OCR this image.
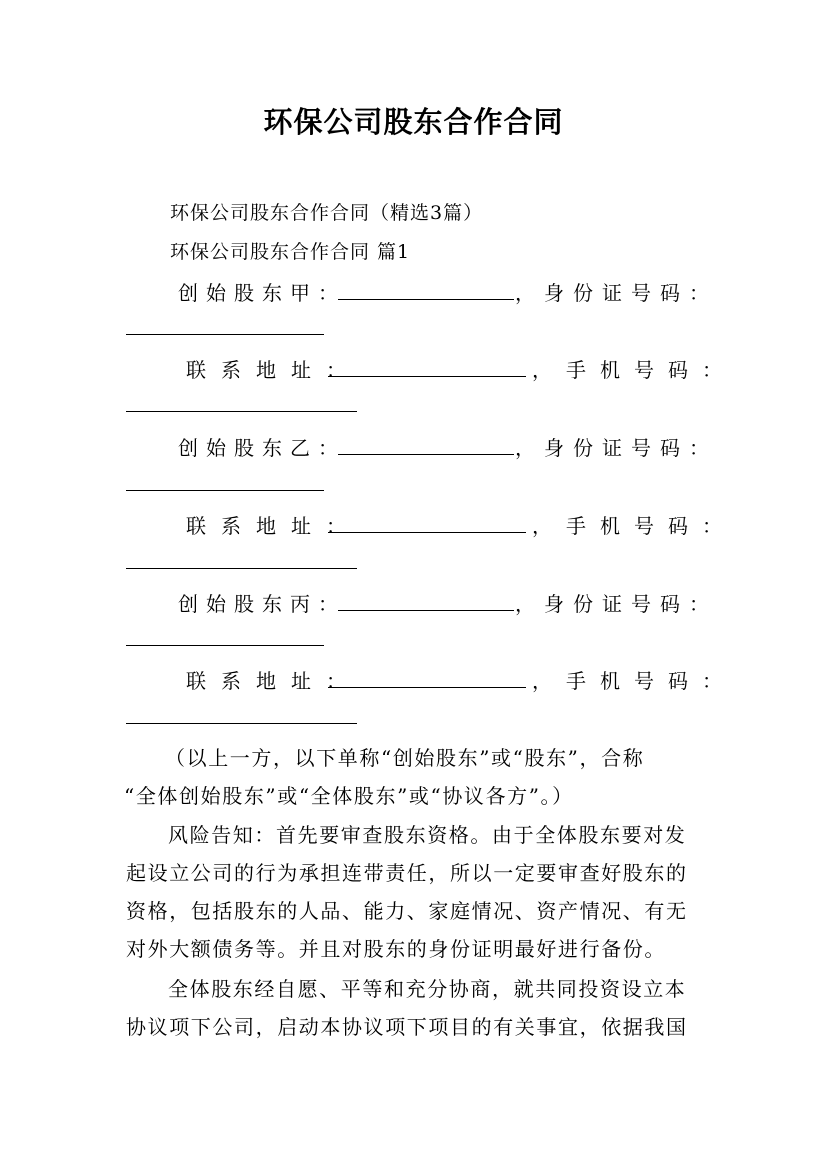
环保公司股东合作合同
环保公司股东合作合同（精选3篇）
环保公司股东合作合同 篇1
创始股东甲：	，身份证号码：
联系地址：	，手机号码：
创始股东乙：	，身份证号码：
联系地址：	，手机号码：
创始股东丙：	，身份证号码：
联系地址：	，手机号码：
（以上一方，以下单称“创始股东”或“股东”，合称
“全体创始股东”或“全体股东”或“协议各方”。）
风险告知：首先要审查股东资格。由于全体股东要对发
起设立公司的行为承担连带责任，所以一定要审查好股东的
资格，包括股东的人品、能力、家庭情况、资产情况、有无
对外大额债务等。并且对股东的身份证明最好进行备份。
全体股东经自愿、平等和充分协商，就共同投资设立本
协议项下公司，启动本协议项下项目的有关事宜，依据我国
